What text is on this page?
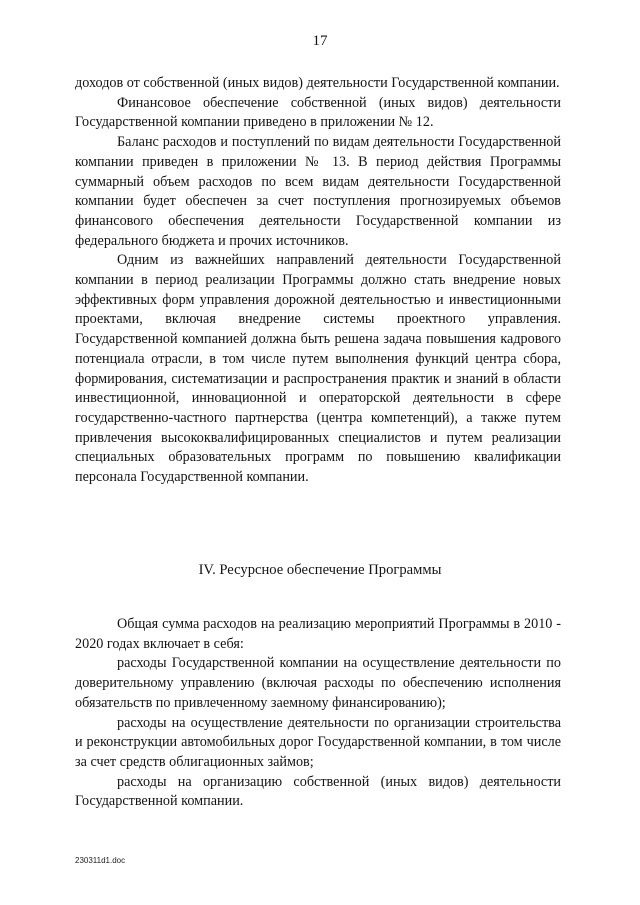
17

доходов от собственной (иных видов) деятельности Государственной компании.

Финансовое обеспечение собственной (иных видов) деятельности Государственной компании приведено в приложении № 12.

Баланс расходов и поступлений по видам деятельности Государственной компании приведен в приложении № 13. В период действия Программы суммарный объем расходов по всем видам деятельности Государственной компании будет обеспечен за счет поступления прогнозируемых объемов финансового обеспечения деятельности Государственной компании из федерального бюджета и прочих источников.

Одним из важнейших направлений деятельности Государственной компании в период реализации Программы должно стать внедрение новых эффективных форм управления дорожной деятельностью и инвестиционными проектами, включая внедрение системы проектного управления. Государственной компанией должна быть решена задача повышения кадрового потенциала отрасли, в том числе путем выполнения функций центра сбора, формирования, систематизации и распространения практик и знаний в области инвестиционной, инновационной и операторской деятельности в сфере государственно-частного партнерства (центра компетенций), а также путем привлечения высококвалифицированных специалистов и путем реализации специальных образовательных программ по повышению квалификации персонала Государственной компании.

IV. Ресурсное обеспечение Программы

Общая сумма расходов на реализацию мероприятий Программы в 2010 - 2020 годах включает в себя:

расходы Государственной компании на осуществление деятельности по доверительному управлению (включая расходы по обеспечению исполнения обязательств по привлеченному заемному финансированию);

расходы на осуществление деятельности по организации строительства и реконструкции автомобильных дорог Государственной компании, в том числе за счет средств облигационных займов;

расходы на организацию собственной (иных видов) деятельности Государственной компании.

230311d1.doc
